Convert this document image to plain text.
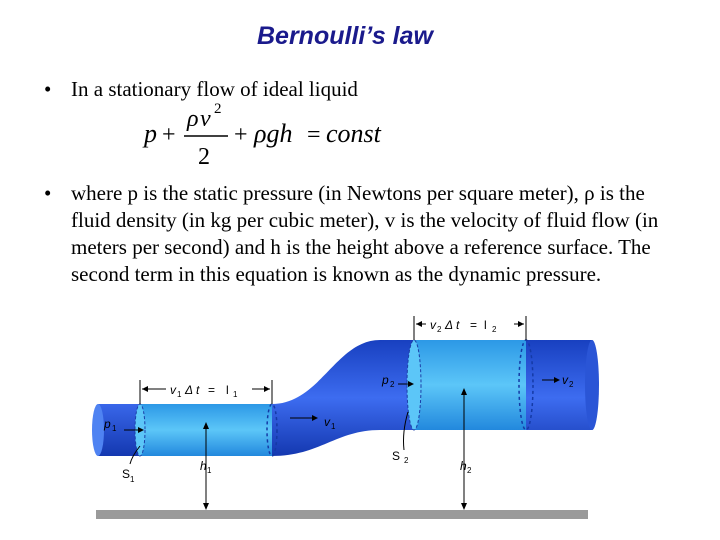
Bernoulli’s law
• In a stationary flow of ideal liquid
p +
ρ v 2
2
+ ρgh = const
• where p is the static pressure (in Newtons per square meter), ρ is the fluid density (in kg per cubic meter), v is the velocity of fluid flow (in meters per second) and h is the height above a reference surface. The second term in this equation is known as the dynamic pressure.
v 2 Δ t = l 2
v 1 Δ t = l 1
p 1	v 1
p 2	v 2
S 1
S 2
h 1	h 2
